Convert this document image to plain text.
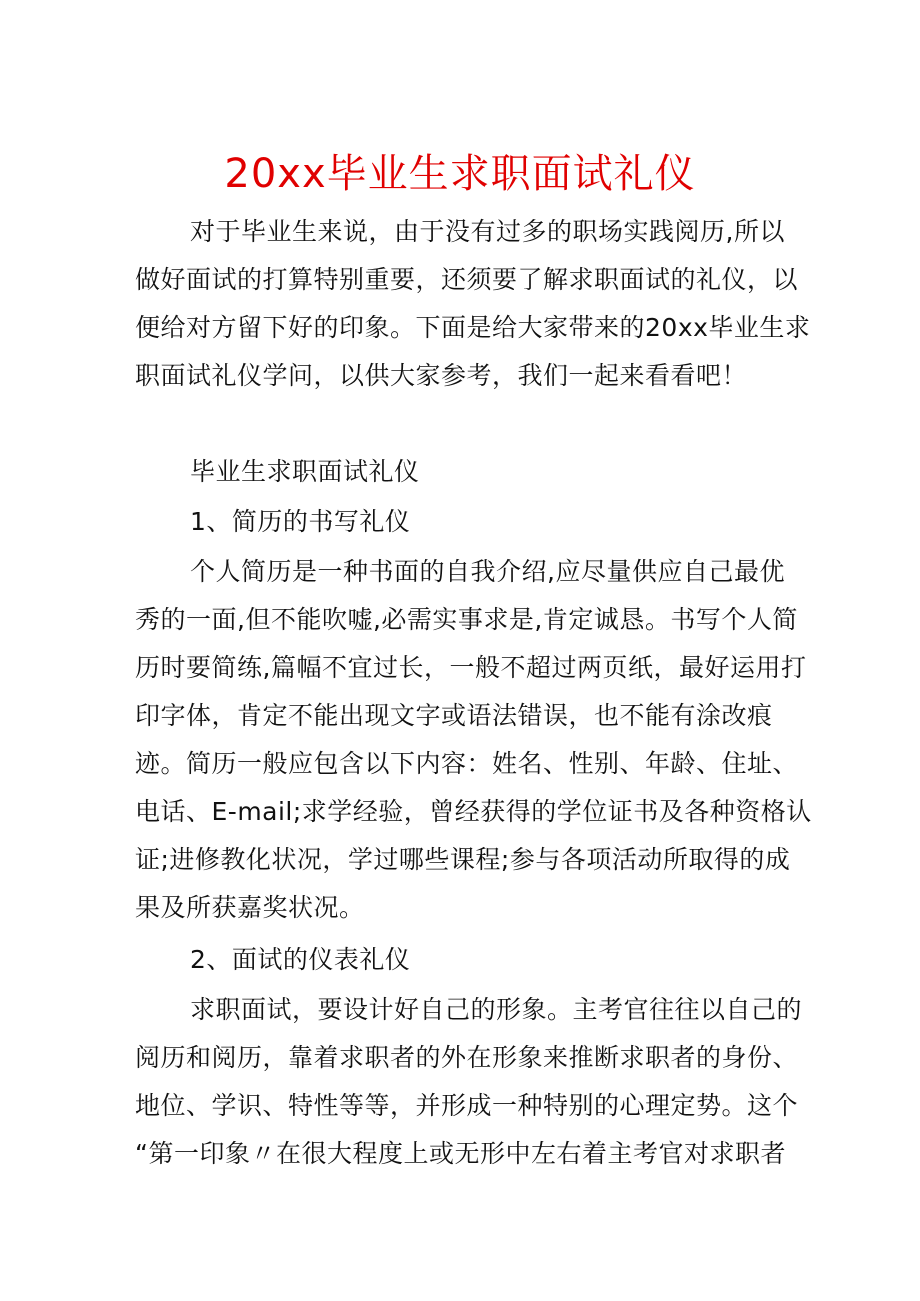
20xx毕业生求职面试礼仪
对于毕业生来说，由于没有过多的职场实践阅历,所以
做好面试的打算特别重要，还须要了解求职面试的礼仪，以
便给对方留下好的印象。下面是给大家带来的20xx毕业生求
职面试礼仪学问，以供大家参考，我们一起来看看吧！
毕业生求职面试礼仪
1、简历的书写礼仪
个人简历是一种书面的自我介绍,应尽量供应自己最优
秀的一面,但不能吹嘘,必需实事求是,肯定诚恳。书写个人简
历时要简练,篇幅不宜过长，一般不超过两页纸，最好运用打
印字体，肯定不能出现文字或语法错误，也不能有涂改痕
迹。简历一般应包含以下内容：姓名、性别、年龄、住址、
电话、E-mail;求学经验，曾经获得的学位证书及各种资格认
证;进修教化状况，学过哪些课程;参与各项活动所取得的成
果及所获嘉奖状况。
2、面试的仪表礼仪
求职面试，要设计好自己的形象。主考官往往以自己的
阅历和阅历，靠着求职者的外在形象来推断求职者的身份、
地位、学识、特性等等，并形成一种特别的心理定势。这个
“第一印象〃在很大程度上或无形中左右着主考官对求职者
